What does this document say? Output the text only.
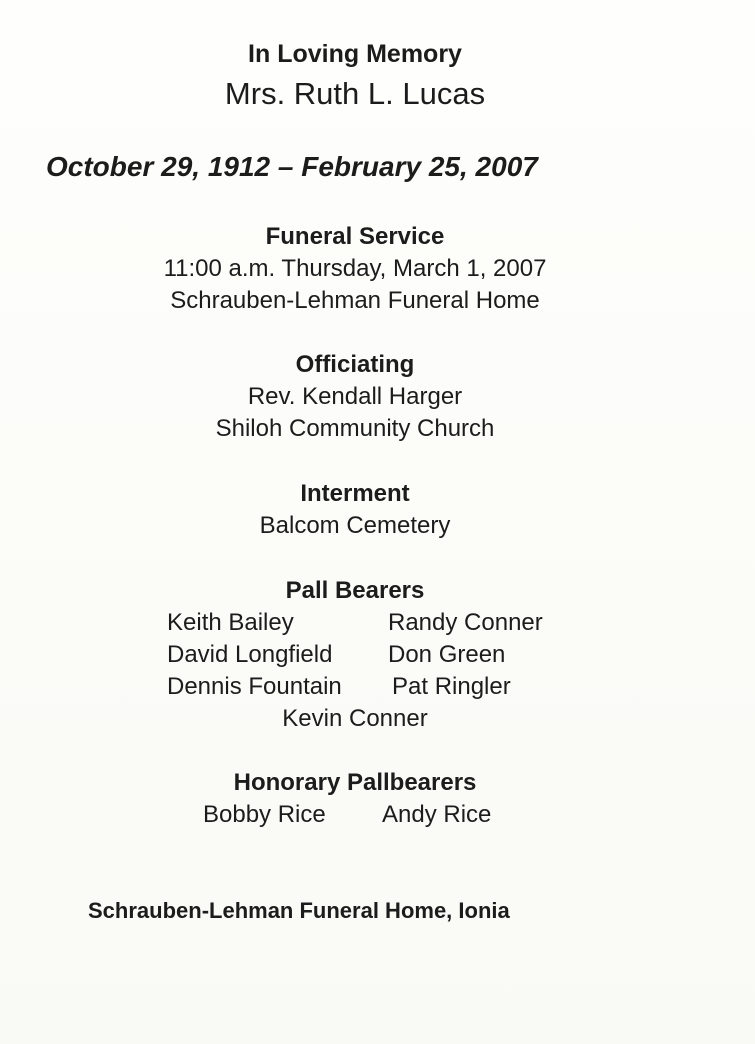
In Loving Memory
Mrs. Ruth L. Lucas
October 29, 1912 – February 25, 2007
Funeral Service
11:00 a.m. Thursday, March 1, 2007
Schrauben-Lehman Funeral Home
Officiating
Rev. Kendall Harger
Shiloh Community Church
Interment
Balcom Cemetery
Pall Bearers
Keith Bailey	Randy Conner
David Longfield Don Green
Dennis Fountain Pat Ringler
Kevin Conner
Honorary Pallbearers
Bobby Rice Andy Rice
Schrauben-Lehman Funeral Home, Ionia
